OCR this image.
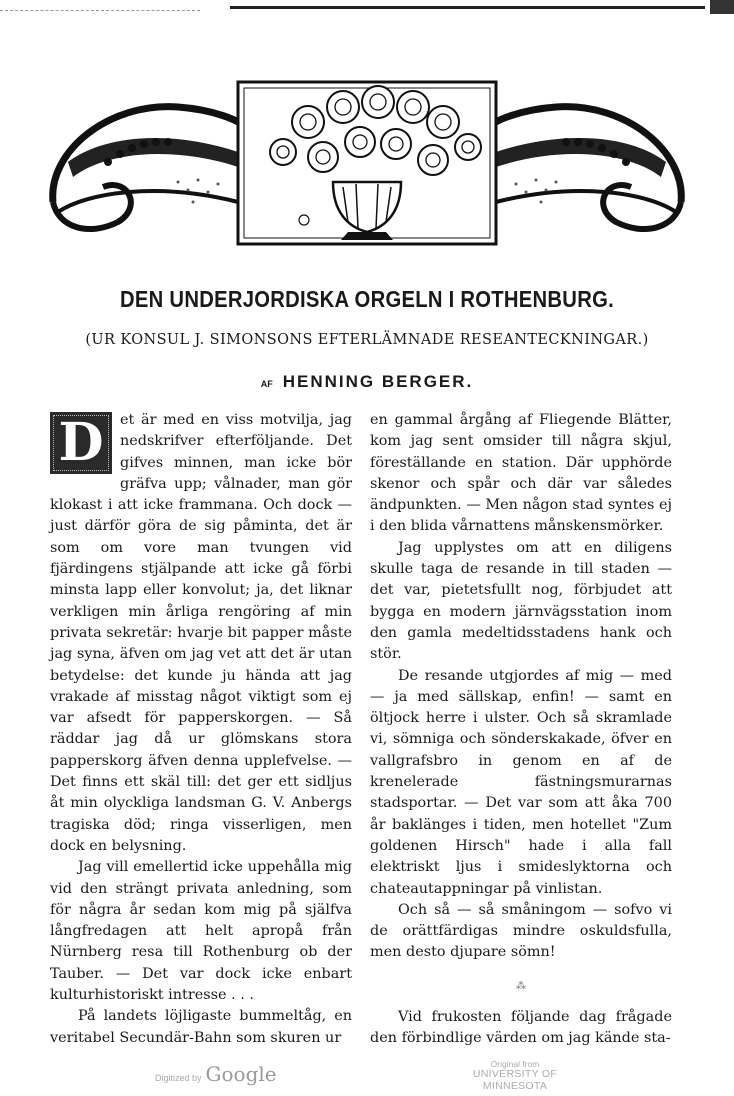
DEN UNDERJORDISKA ORGELN I ROTHENBURG.
(UR KONSUL J. SIMONSONS EFTERLÄMNADE RESEANTECKNINGAR.)
AF HENNING BERGER.

D et är med en viss motvilja, jag nedskrifver efterföljande. Det gifves minnen, man icke bör gräfva upp; vålnader, man gör klokast i att icke frammana. Och dock — just därför göra de sig påminta, det är som om vore man tvungen vid fjärdingens stjälpande att icke gå förbi minsta lapp eller konvolut; ja, det liknar verkligen min årliga rengöring af min privata sekretär: hvarje bit papper måste jag syna, äfven om jag vet att det är utan betydelse: det kunde ju hända att jag vrakade af misstag något viktigt som ej var afsedt för papperskorgen. — Så räddar jag då ur glömskans stora papperskorg äfven denna upplefvelse. — Det finns ett skäl till: det ger ett sidljus åt min olyckliga landsman G. V. Anbergs tragiska död; ringa visserligen, men dock en belysning.

Jag vill emellertid icke uppehålla mig vid den strängt privata anledning, som för några år sedan kom mig på själfva långfredagen att helt apropå från Nürnberg resa till Rothenburg ob der Tauber. — Det var dock icke enbart kulturhistoriskt intresse . . .

På landets löjligaste bummeltåg, en veritabel Secundär-Bahn som skuren ur

en gammal årgång af Fliegende Blätter, kom jag sent omsider till några skjul, föreställande en station. Där upphörde skenor och spår och där var således ändpunkten. — Men någon stad syntes ej i den blida vårnattens månskensmörker.

Jag upplystes om att en diligens skulle taga de resande in till staden — det var, pietetsfullt nog, förbjudet att bygga en modern järnvägsstation inom den gamla medeltidsstadens hank och stör.

De resande utgjordes af mig — med — ja med sällskap, enfin! — samt en öltjock herre i ulster. Och så skramlade vi, sömniga och sönderskakade, öfver en vallgrafsbro in genom en af de krenelerade fästningsmurarnas stadsportar. — Det var som att åka 700 år baklänges i tiden, men hotellet "Zum goldenen Hirsch" hade i alla fall elektriskt ljus i smideslyktorna och chateautappningar på vinlistan.

Och så — så småningom — sofvo vi de orättfärdigas mindre oskuldsfulla, men desto djupare sömn!

⁂

Vid frukosten följande dag frågade den förbindlige värden om jag kände sta-

Digitized by Google	Original from
UNIVERSITY OF MINNESOTA
